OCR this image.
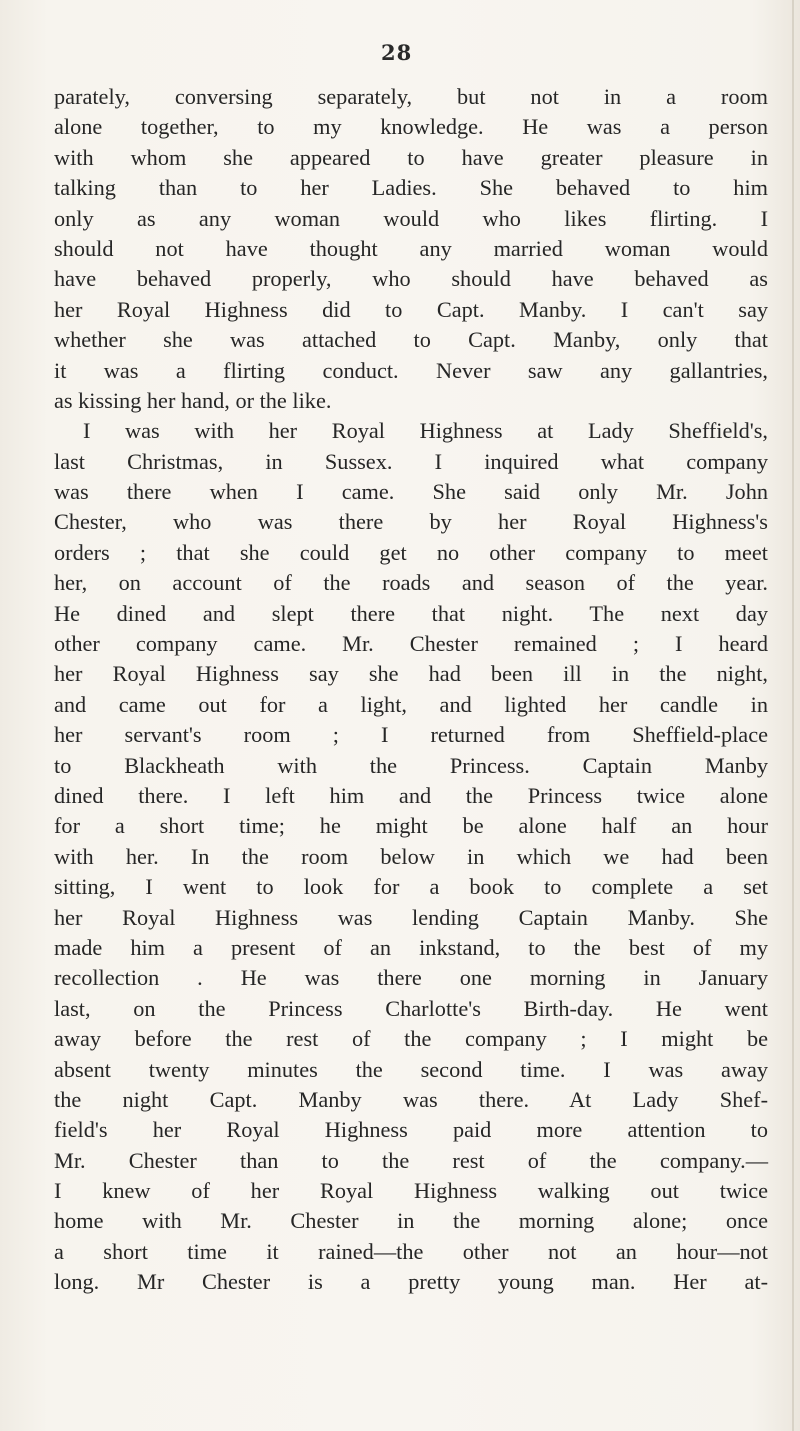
28
parately, conversing separately, but not in a room
alone together, to my knowledge. He was a person
with whom she appeared to have greater pleasure in
talking than to her Ladies. She behaved to him
only as any woman would who likes flirting. I
should not have thought any married woman would
have behaved properly, who should have behaved as
her Royal Highness did to Capt. Manby. I can't say
whether she was attached to Capt. Manby, only that
it was a flirting conduct. Never saw any gallantries,
as kissing her hand, or the like.
I was with her Royal Highness at Lady Sheffield's,
last Christmas, in Sussex. I inquired what company
was there when I came. She said only Mr. John
Chester, who was there by her Royal Highness's
orders ; that she could get no other company to meet
her, on account of the roads and season of the year.
He dined and slept there that night. The next day
other company came. Mr. Chester remained ; I heard
her Royal Highness say she had been ill in the night,
and came out for a light, and lighted her candle in
her servant's room ; I returned from Sheffield-place
to Blackheath with the Princess. Captain Manby
dined there. I left him and the Princess twice alone
for a short time; he might be alone half an hour
with her. In the room below in which we had been
sitting, I went to look for a book to complete a set
her Royal Highness was lending Captain Manby. She
made him a present of an inkstand, to the best of my
recollection . He was there one morning in January
last, on the Princess Charlotte's Birth-day. He went
away before the rest of the company ; I might be
absent twenty minutes the second time. I was away
the night Capt. Manby was there. At Lady Shef-
field's her Royal Highness paid more attention to
Mr. Chester than to the rest of the company.—
I knew of her Royal Highness walking out twice
home with Mr. Chester in the morning alone; once
a short time it rained—the other not an hour—not
long. Mr Chester is a pretty young man. Her at-
